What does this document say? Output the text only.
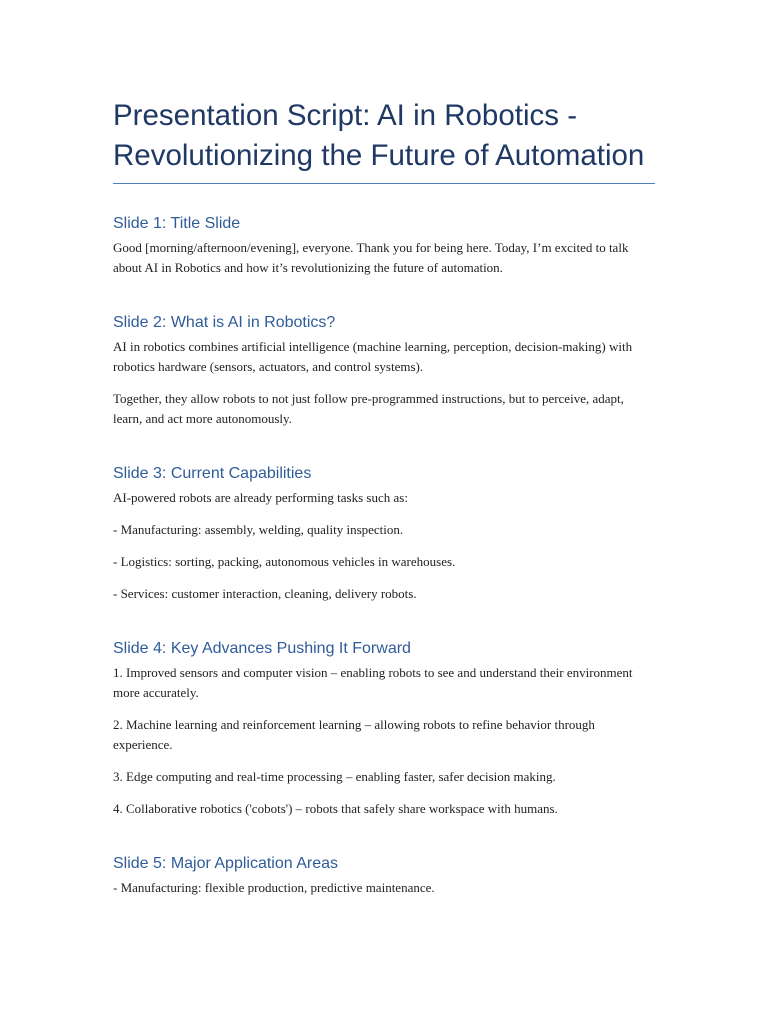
Presentation Script: AI in Robotics - Revolutionizing the Future of Automation
Slide 1: Title Slide

Good [morning/afternoon/evening], everyone. Thank you for being here. Today, I’m excited to talk about AI in Robotics and how it’s revolutionizing the future of automation.

Slide 2: What is AI in Robotics?

AI in robotics combines artificial intelligence (machine learning, perception, decision-making) with robotics hardware (sensors, actuators, and control systems).

Together, they allow robots to not just follow pre-programmed instructions, but to perceive, adapt, learn, and act more autonomously.

Slide 3: Current Capabilities

AI-powered robots are already performing tasks such as:

- Manufacturing: assembly, welding, quality inspection.

- Logistics: sorting, packing, autonomous vehicles in warehouses.

- Services: customer interaction, cleaning, delivery robots.

Slide 4: Key Advances Pushing It Forward

1. Improved sensors and computer vision – enabling robots to see and understand their environment more accurately.

2. Machine learning and reinforcement learning – allowing robots to refine behavior through experience.

3. Edge computing and real-time processing – enabling faster, safer decision making.

4. Collaborative robotics ('cobots') – robots that safely share workspace with humans.

Slide 5: Major Application Areas

- Manufacturing: flexible production, predictive maintenance.
